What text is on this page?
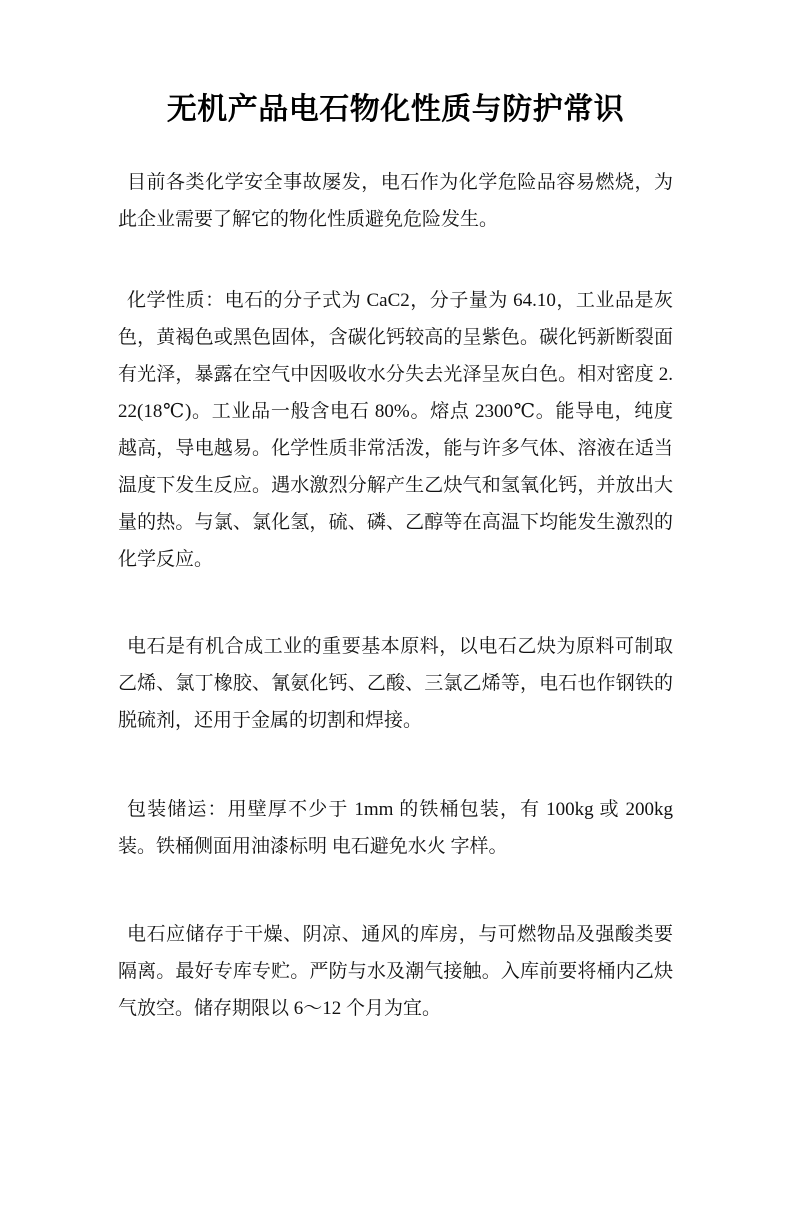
无机产品电石物化性质与防护常识

目前各类化学安全事故屡发，电石作为化学危险品容易燃烧，为此企业需要了解它的物化性质避免危险发生。

化学性质：电石的分子式为 CaC2，分子量为 64.10，工业品是灰色，黄褐色或黑色固体，含碳化钙较高的呈紫色。碳化钙新断裂面有光泽，暴露在空气中因吸收水分失去光泽呈灰白色。相对密度 2.22(18℃)。工业品一般含电石 80%。熔点 2300℃。能导电，纯度越高，导电越易。化学性质非常活泼，能与许多气体、溶液在适当温度下发生反应。遇水激烈分解产生乙炔气和氢氧化钙，并放出大量的热。与氯、氯化氢，硫、磷、乙醇等在高温下均能发生激烈的化学反应。

电石是有机合成工业的重要基本原料，以电石乙炔为原料可制取乙烯、氯丁橡胶、氰氨化钙、乙酸、三氯乙烯等，电石也作钢铁的脱硫剂，还用于金属的切割和焊接。

包装储运：用壁厚不少于 1mm 的铁桶包装，有 100kg 或 200kg 装。铁桶侧面用油漆标明 电石避免水火 字样。

电石应储存于干燥、阴凉、通风的库房，与可燃物品及强酸类要隔离。最好专库专贮。严防与水及潮气接触。入库前要将桶内乙炔气放空。储存期限以 6～12 个月为宜。
